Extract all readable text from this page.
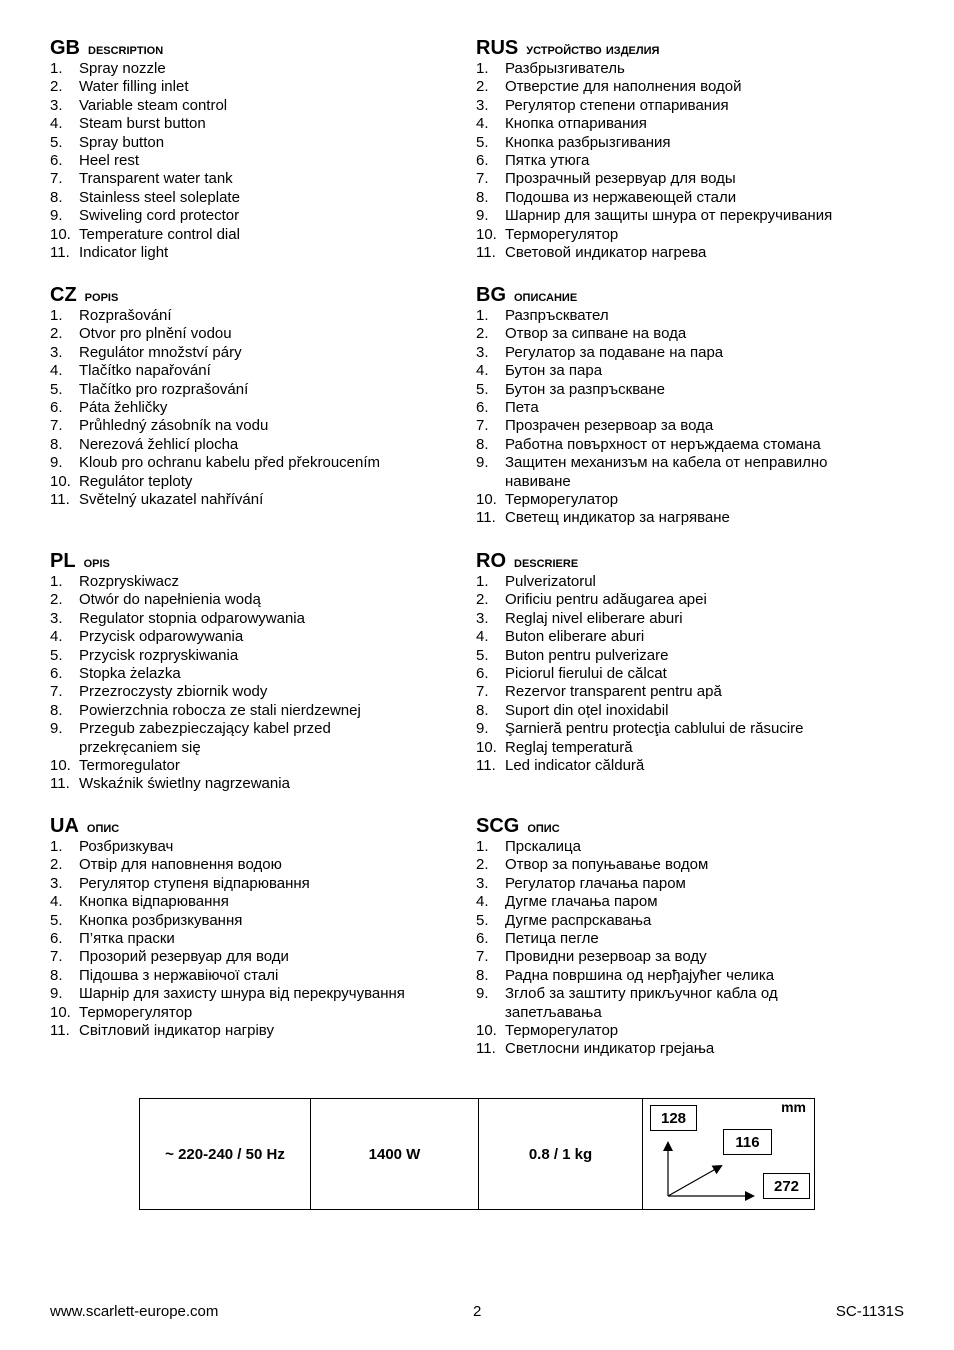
GB description
1. Spray nozzle
2. Water filling inlet
3. Variable steam control
4. Steam burst button
5. Spray button
6. Heel rest
7. Transparent water tank
8. Stainless steel soleplate
9. Swiveling cord protector
10. Temperature control dial
11. Indicator light
RUS устройство изделия
1. Разбрызгиватель
2. Отверстие для наполнения водой
3. Регулятор степени отпаривания
4. Кнопка отпаривания
5. Кнопка разбрызгивания
6. Пятка утюга
7. Прозрачный резервуар для воды
8. Подошва из нержавеющей стали
9. Шарнир для защиты шнура от перекручивания
10. Терморегулятор
11. Световой индикатор нагрева
CZ popis
1. Rozprašování
2. Otvor pro plnění vodou
3. Regulátor množství páry
4. Tlačítko napařování
5. Tlačítko pro rozprašování
6. Páta žehličky
7. Průhledný zásobník na vodu
8. Nerezová žehlicí plocha
9. Kloub pro ochranu kabelu před překroucením
10. Regulátor teploty
11. Světelný ukazatel nahřívání
BG описание
1. Разпръсквател
2. Отвор за сипване на вода
3. Регулатор за подаване на пара
4. Бутон за пара
5. Бутон за разпръскване
6. Пета
7. Прозрачен резервоар за вода
8. Работна повърхност от неръждаема стомана
9. Защитен механизъм на кабела от неправилно навиване
10. Терморегулатор
11. Светещ индикатор за нагряване
PL opis
1. Rozpryskiwacz
2. Otwór do napełnienia wodą
3. Regulator stopnia odparowywania
4. Przycisk odparowywania
5. Przycisk rozpryskiwania
6. Stopka żelazka
7. Przezroczysty zbiornik wody
8. Powierzchnia robocza ze stali nierdzewnej
9. Przegub zabezpieczający kabel przed przekręcaniem się
10. Termoregulator
11. Wskaźnik świetlny nagrzewania
RO descriere
1. Pulverizatorul
2. Orificiu pentru adăugarea apei
3. Reglaj nivel eliberare aburi
4. Buton eliberare aburi
5. Buton pentru pulverizare
6. Piciorul fierului de călcat
7. Rezervor transparent pentru apă
8. Suport din oțel inoxidabil
9. Şarnieră pentru protecţia cablului de răsucire
10. Reglaj temperatură
11. Led indicator căldură
UA опис
1. Розбризкувач
2. Отвір для наповнення водою
3. Регулятор ступеня відпарювання
4. Кнопка відпарювання
5. Кнопка розбризкування
6. П’ятка праски
7. Прозорий резервуар для води
8. Підошва з нержавіючої сталі
9. Шарнір для захисту шнура від перекручування
10. Терморегулятор
11. Світловий індикатор нагріву
SCG опис
1. Прскалица
2. Отвор за попуњавање водом
3. Регулатор глачања паром
4. Дугме глачања паром
5. Дугме распрскавања
6. Петица пегле
7. Провидни резервоар за воду
8. Радна површина од нерђајућег челика
9. Зглоб за заштиту прикључног кабла од запетљавања
10. Терморегулатор
11. Светлосни индикатор грејања
~ 220-240 / 50 Hz	1400 W	0.8 / 1 kg
mm
128
116
272
www.scarlett-europe.com	2	SC-1131S
